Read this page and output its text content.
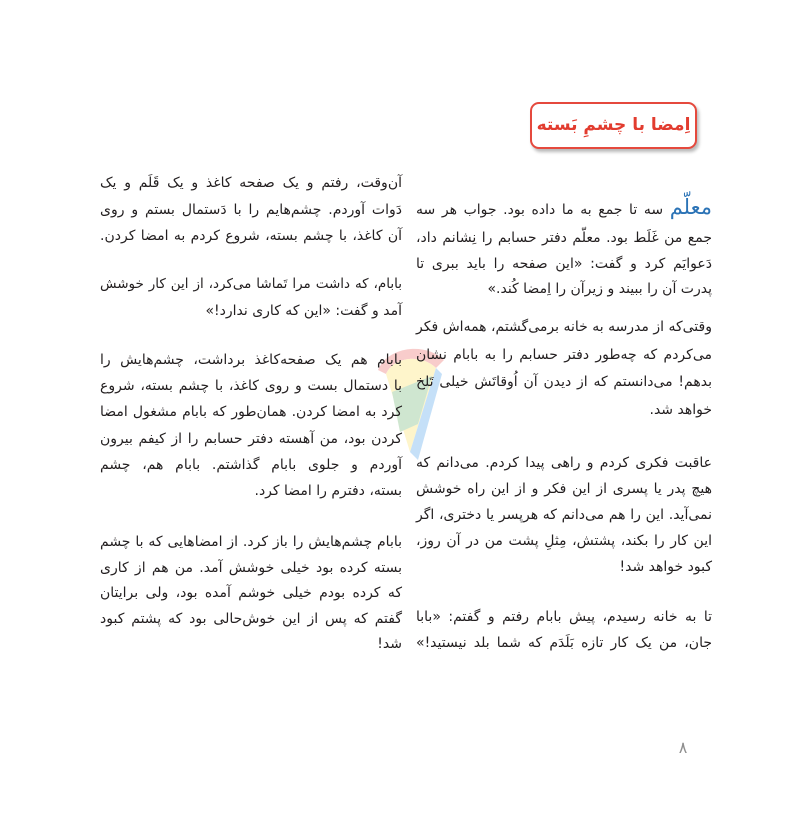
اِمضا با چشمِ بَسته
معلّم سه تا جمع به ما داده بود. جواب هر سه
جمع من غَلَط بود. معلّم دفتر حسابم را نِشانم داد،
دَعوایَم کرد و گفت: «این صفحه را باید ببری تا
پدرت آن را ببیند و زیرآن را اِمضا کُند.»
وقتی‌که از مدرسه به خانه برمی‌گشتم، همه‌اش فکر
می‌کردم که چه‌طور دفتر حسابم را به بابام نشان
بدهم! می‌دانستم که از دیدن آن اُوقاتَش خیلی تَلخ
خواهد شد.
عاقبت فکری کردم و راهی پیدا کردم. می‌دانم که
هیچ پدر یا پسری از این فکر و از این راه خوشش
نمی‌آید. این را هم می‌دانم که هرپسر یا دختری، اگر
این کار را بکند، پشتش، مِثلِ پشت من در آن روز،
کبود خواهد شد!
تا به خانه رسیدم، پیش بابام رفتم و گفتم: «بابا
جان، من یک کار تازه بَلَدَم که شما بلد نیستید!»
آن‌وقت، رفتم و یک صفحه کاغذ و یک قَلَم و یک
دَوات آوردم. چشم‌هایم را با دَستمال بستم و روی
آن کاغذ، با چشم بسته، شروع کردم به امضا کردن.
بابام، که داشت مرا تَماشا می‌کرد، از این کار خوشش
آمد و گفت: «این که کاری ندارد!»
بابام هم یک صفحه‌کاغذ برداشت، چشم‌هایش را
با دستمال بست و روی کاغذ، با چشم بسته، شروع
کرد به امضا کردن. همان‌طور که بابام مشغول امضا
کردن بود، من آهسته دفتر حسابم را از کیفم بیرون
آوردم و جلوی بابام گذاشتم. بابام هم، چشم
بسته، دفترم را امضا کرد.
بابام چشم‌هایش را باز کرد. از امضاهایی که با چشم
بسته کرده بود خیلی خوشش آمد. من هم از کاری
که کرده بودم خیلی خوشم آمده بود، ولی برایتان
گفتم که پس از این خوش‌حالی بود که پشتم کبود
شد!
۸
